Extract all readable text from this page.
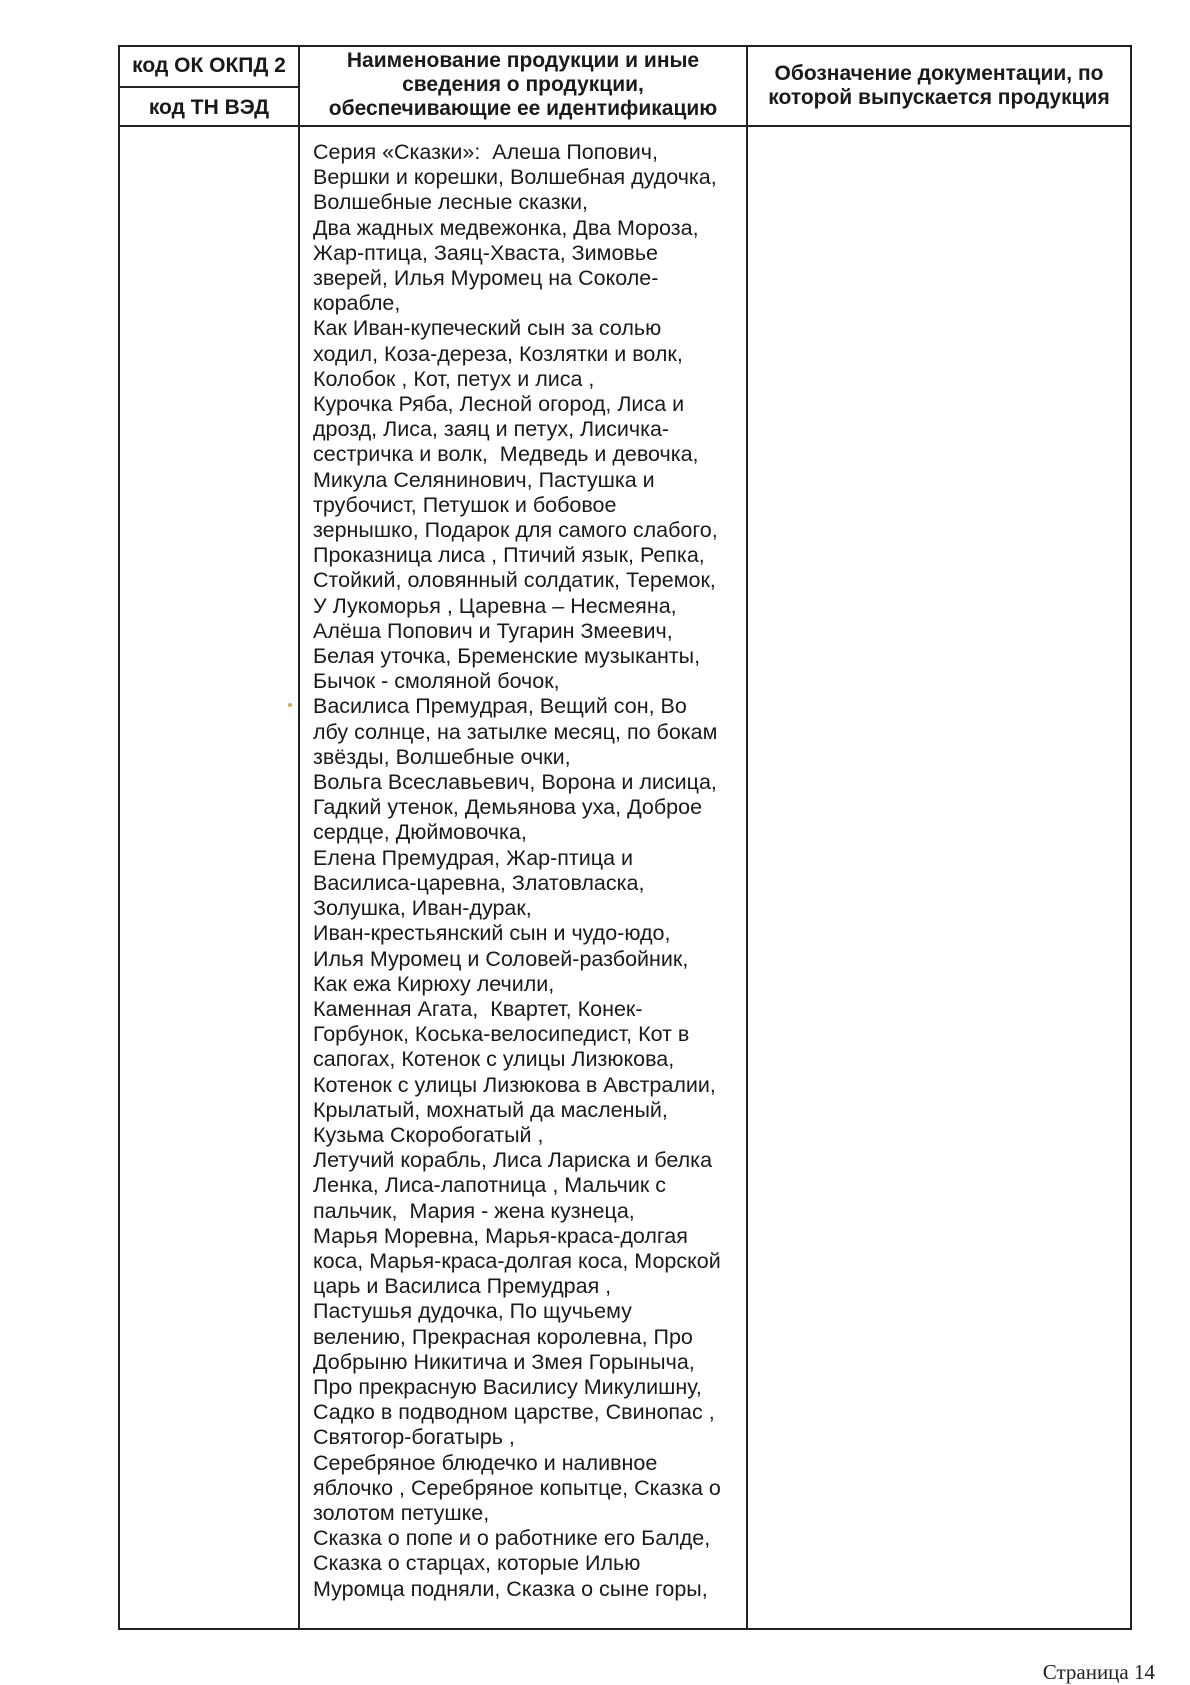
код ОК ОКПД 2
код ТН ВЭД
Наименование продукции и иные
сведения о продукции,
обеспечивающие ее идентификацию
Обозначение документации, по
которой выпускается продукция
Серия «Сказки»:  Алеша Попович,
Вершки и корешки, Волшебная дудочка,
Волшебные лесные сказки,
Два жадных медвежонка, Два Мороза,
Жар-птица, Заяц-Хваста, Зимовье
зверей, Илья Муромец на Соколе-
корабле,
Как Иван-купеческий сын за солью
ходил, Коза-дереза, Козлятки и волк,
Колобок , Кот, петух и лиса ,
Курочка Ряба, Лесной огород, Лиса и
дрозд, Лиса, заяц и петух, Лисичка-
сестричка и волк,  Медведь и девочка,
Микула Селянинович, Пастушка и
трубочист, Петушок и бобовое
зернышко, Подарок для самого слабого,
Проказница лиса , Птичий язык, Репка,
Стойкий, оловянный солдатик, Теремок,
У Лукоморья , Царевна – Несмеяна,
Алёша Попович и Тугарин Змеевич,
Белая уточка, Бременские музыканты,
Бычок - смоляной бочок,
Василиса Премудрая, Вещий сон, Во
лбу солнце, на затылке месяц, по бокам
звёзды, Волшебные очки,
Вольга Всеславьевич, Ворона и лисица,
Гадкий утенок, Демьянова уха, Доброе
сердце, Дюймовочка,
Елена Премудрая, Жар-птица и
Василиса-царевна, Златовласка,
Золушка, Иван-дурак,
Иван-крестьянский сын и чудо-юдо,
Илья Муромец и Соловей-разбойник,
Как ежа Кирюху лечили,
Каменная Агата,  Квартет, Конек-
Горбунок, Коська-велосипедист, Кот в
сапогах, Котенок с улицы Лизюкова,
Котенок с улицы Лизюкова в Австралии,
Крылатый, мохнатый да масленый,
Кузьма Скоробогатый ,
Летучий корабль, Лиса Лариска и белка
Ленка, Лиса-лапотница , Мальчик с
пальчик,  Мария - жена кузнеца,
Марья Моревна, Марья-краса-долгая
коса, Марья-краса-долгая коса, Морской
царь и Василиса Премудрая ,
Пастушья дудочка, По щучьему
велению, Прекрасная королевна, Про
Добрыню Никитича и Змея Горыныча,
Про прекрасную Василису Микулишну,
Садко в подводном царстве, Свинопас ,
Святогор-богатырь ,
Серебряное блюдечко и наливное
яблочко , Серебряное копытце, Сказка о
золотом петушке,
Сказка о попе и о работнике его Балде,
Сказка о старцах, которые Илью
Муромца подняли, Сказка о сыне горы,
Страница 14
